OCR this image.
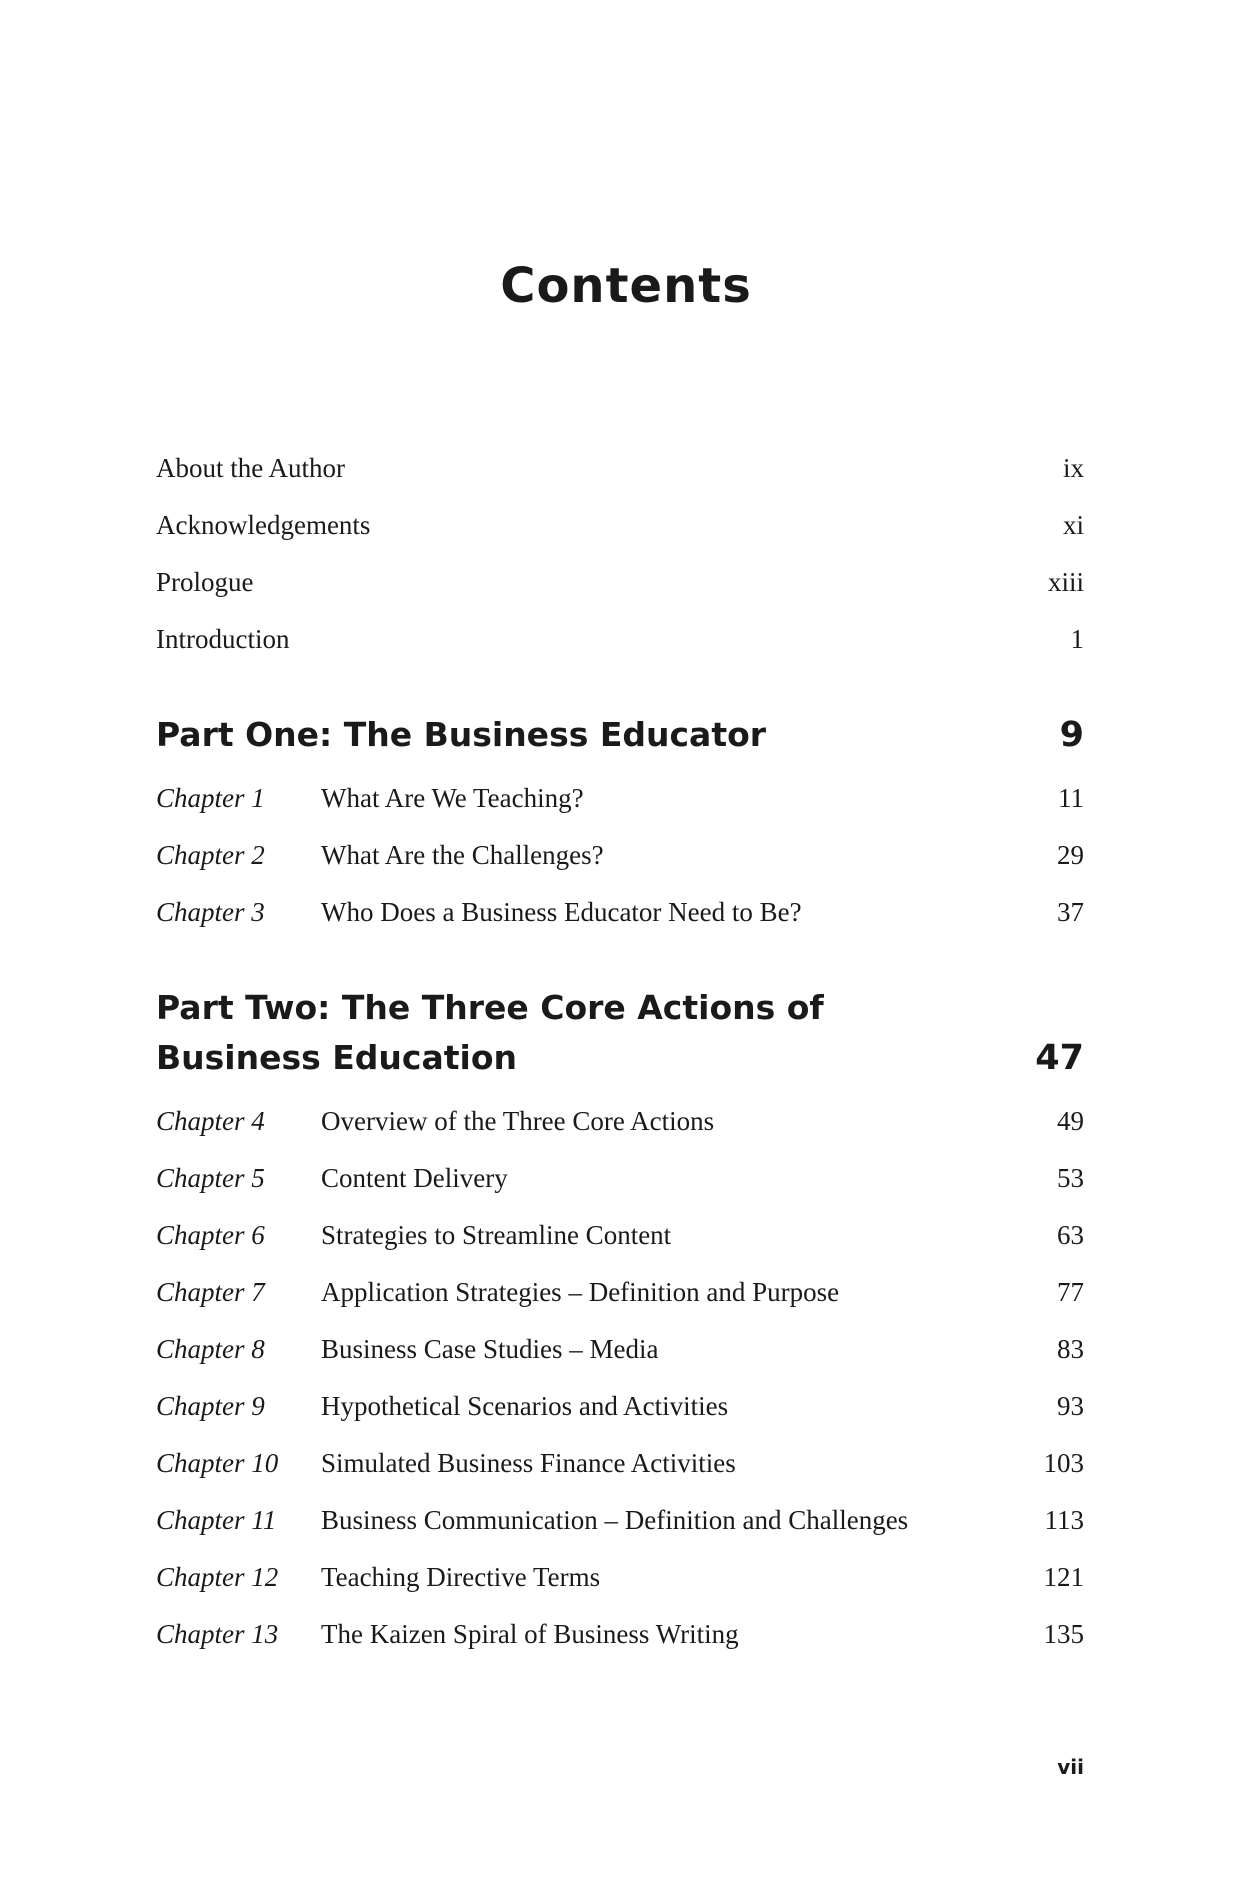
Contents
About the Author	ix
Acknowledgements	xi
Prologue	xiii
Introduction	1
Part One: The Business Educator	9
Chapter 1 What Are We Teaching?	11
Chapter 2 What Are the Challenges?	29
Chapter 3 Who Does a Business Educator Need to Be?	37
Part Two: The Three Core Actions of Business Education	47
Chapter 4 Overview of the Three Core Actions	49
Chapter 5 Content Delivery	53
Chapter 6 Strategies to Streamline Content	63
Chapter 7 Application Strategies – Definition and Purpose	77
Chapter 8 Business Case Studies – Media	83
Chapter 9 Hypothetical Scenarios and Activities	93
Chapter 10 Simulated Business Finance Activities	103
Chapter 11 Business Communication – Definition and Challenges	113
Chapter 12 Teaching Directive Terms	121
Chapter 13 The Kaizen Spiral of Business Writing	135
vii
